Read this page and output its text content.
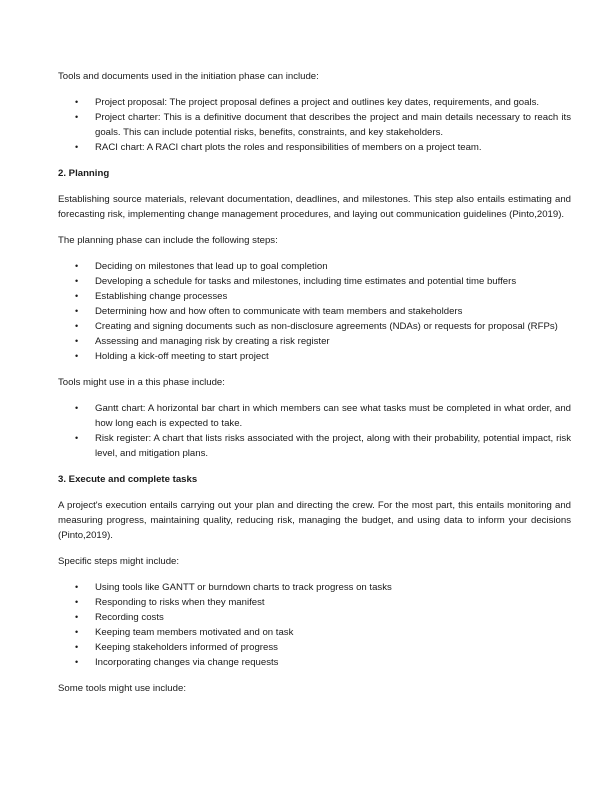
Tools and documents used in the initiation phase can include:

• Project proposal: The project proposal defines a project and outlines key dates, requirements, and goals.
• Project charter: This is a definitive document that describes the project and main details necessary to reach its goals. This can include potential risks, benefits, constraints, and key stakeholders.
• RACI chart: A RACI chart plots the roles and responsibilities of members on a project team.
2. Planning

Establishing source materials, relevant documentation, deadlines, and milestones. This step also entails estimating and forecasting risk, implementing change management procedures, and laying out communication guidelines (Pinto,2019).

The planning phase can include the following steps:

• Deciding on milestones that lead up to goal completion
• Developing a schedule for tasks and milestones, including time estimates and potential time buffers
• Establishing change processes
• Determining how and how often to communicate with team members and stakeholders
• Creating and signing documents such as non-disclosure agreements (NDAs) or requests for proposal (RFPs)
• Assessing and managing risk by creating a risk register
• Holding a kick-off meeting to start project

Tools might use in a this phase include:

• Gantt chart: A horizontal bar chart in which members can see what tasks must be completed in what order, and how long each is expected to take.
• Risk register: A chart that lists risks associated with the project, along with their probability, potential impact, risk level, and mitigation plans.
3. Execute and complete tasks

A project's execution entails carrying out your plan and directing the crew. For the most part, this entails monitoring and measuring progress, maintaining quality, reducing risk, managing the budget, and using data to inform your decisions (Pinto,2019).

Specific steps might include:

• Using tools like GANTT or burndown charts to track progress on tasks
• Responding to risks when they manifest
• Recording costs
• Keeping team members motivated and on task
• Keeping stakeholders informed of progress
• Incorporating changes via change requests

Some tools might use include:
